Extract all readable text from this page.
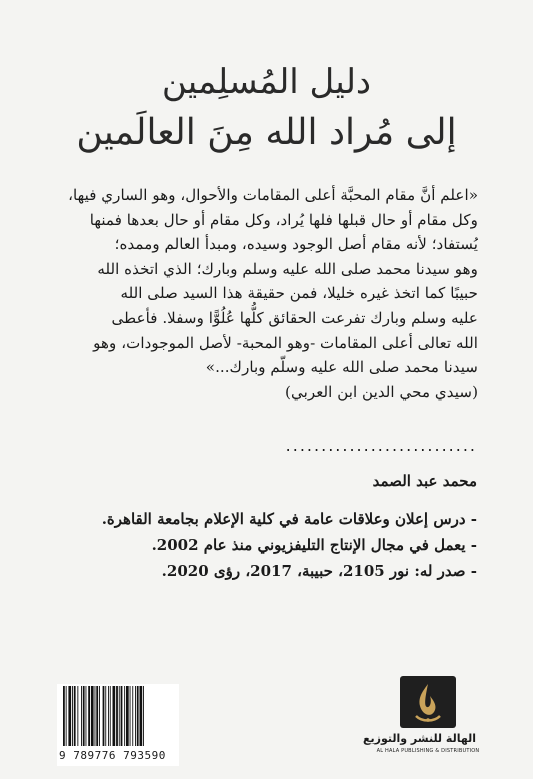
دليل المُسلِمين
إلى مُراد الله مِنَ العالَمين

«اعلم أنَّ مقام المحبَّة أعلى المقامات والأحوال، وهو الساري فيها،

وكل مقام أو حال قبلها فلها يُراد، وكل مقام أو حال بعدها فمنها

يُستفاد؛ لأنه مقام أصل الوجود وسيده، ومبدأ العالم وممده؛

وهو سيدنا محمد صلى الله عليه وسلم وبارك؛ الذي اتخذه الله

حبيبًا كما اتخذ غيره خليلا، فمن حقيقة هذا السيد صلى الله

عليه وسلم وبارك تفرعت الحقائق كلُّها عُلُوًّا وسفلا. فأعطى

الله تعالى أعلى المقامات -وهو المحبة- لأصل الموجودات، وهو

سيدنا محمد صلى الله عليه وسلّم وبارك...»

(سيدي محي الدين ابن العربي)

...........................
محمد عبد الصمد
- درس إعلان وعلاقات عامة في كلية الإعلام بجامعة القاهرة.
- يعمل في مجال الإنتاج التليفزيوني منذ عام 2002.
- صدر له: نور 2105، حبيبة، 2017، رؤى 2020.
9 789776 793590
الهالة للنشر والتوزيع
AL HALA PUBLISHING & DISTRIBUTION
